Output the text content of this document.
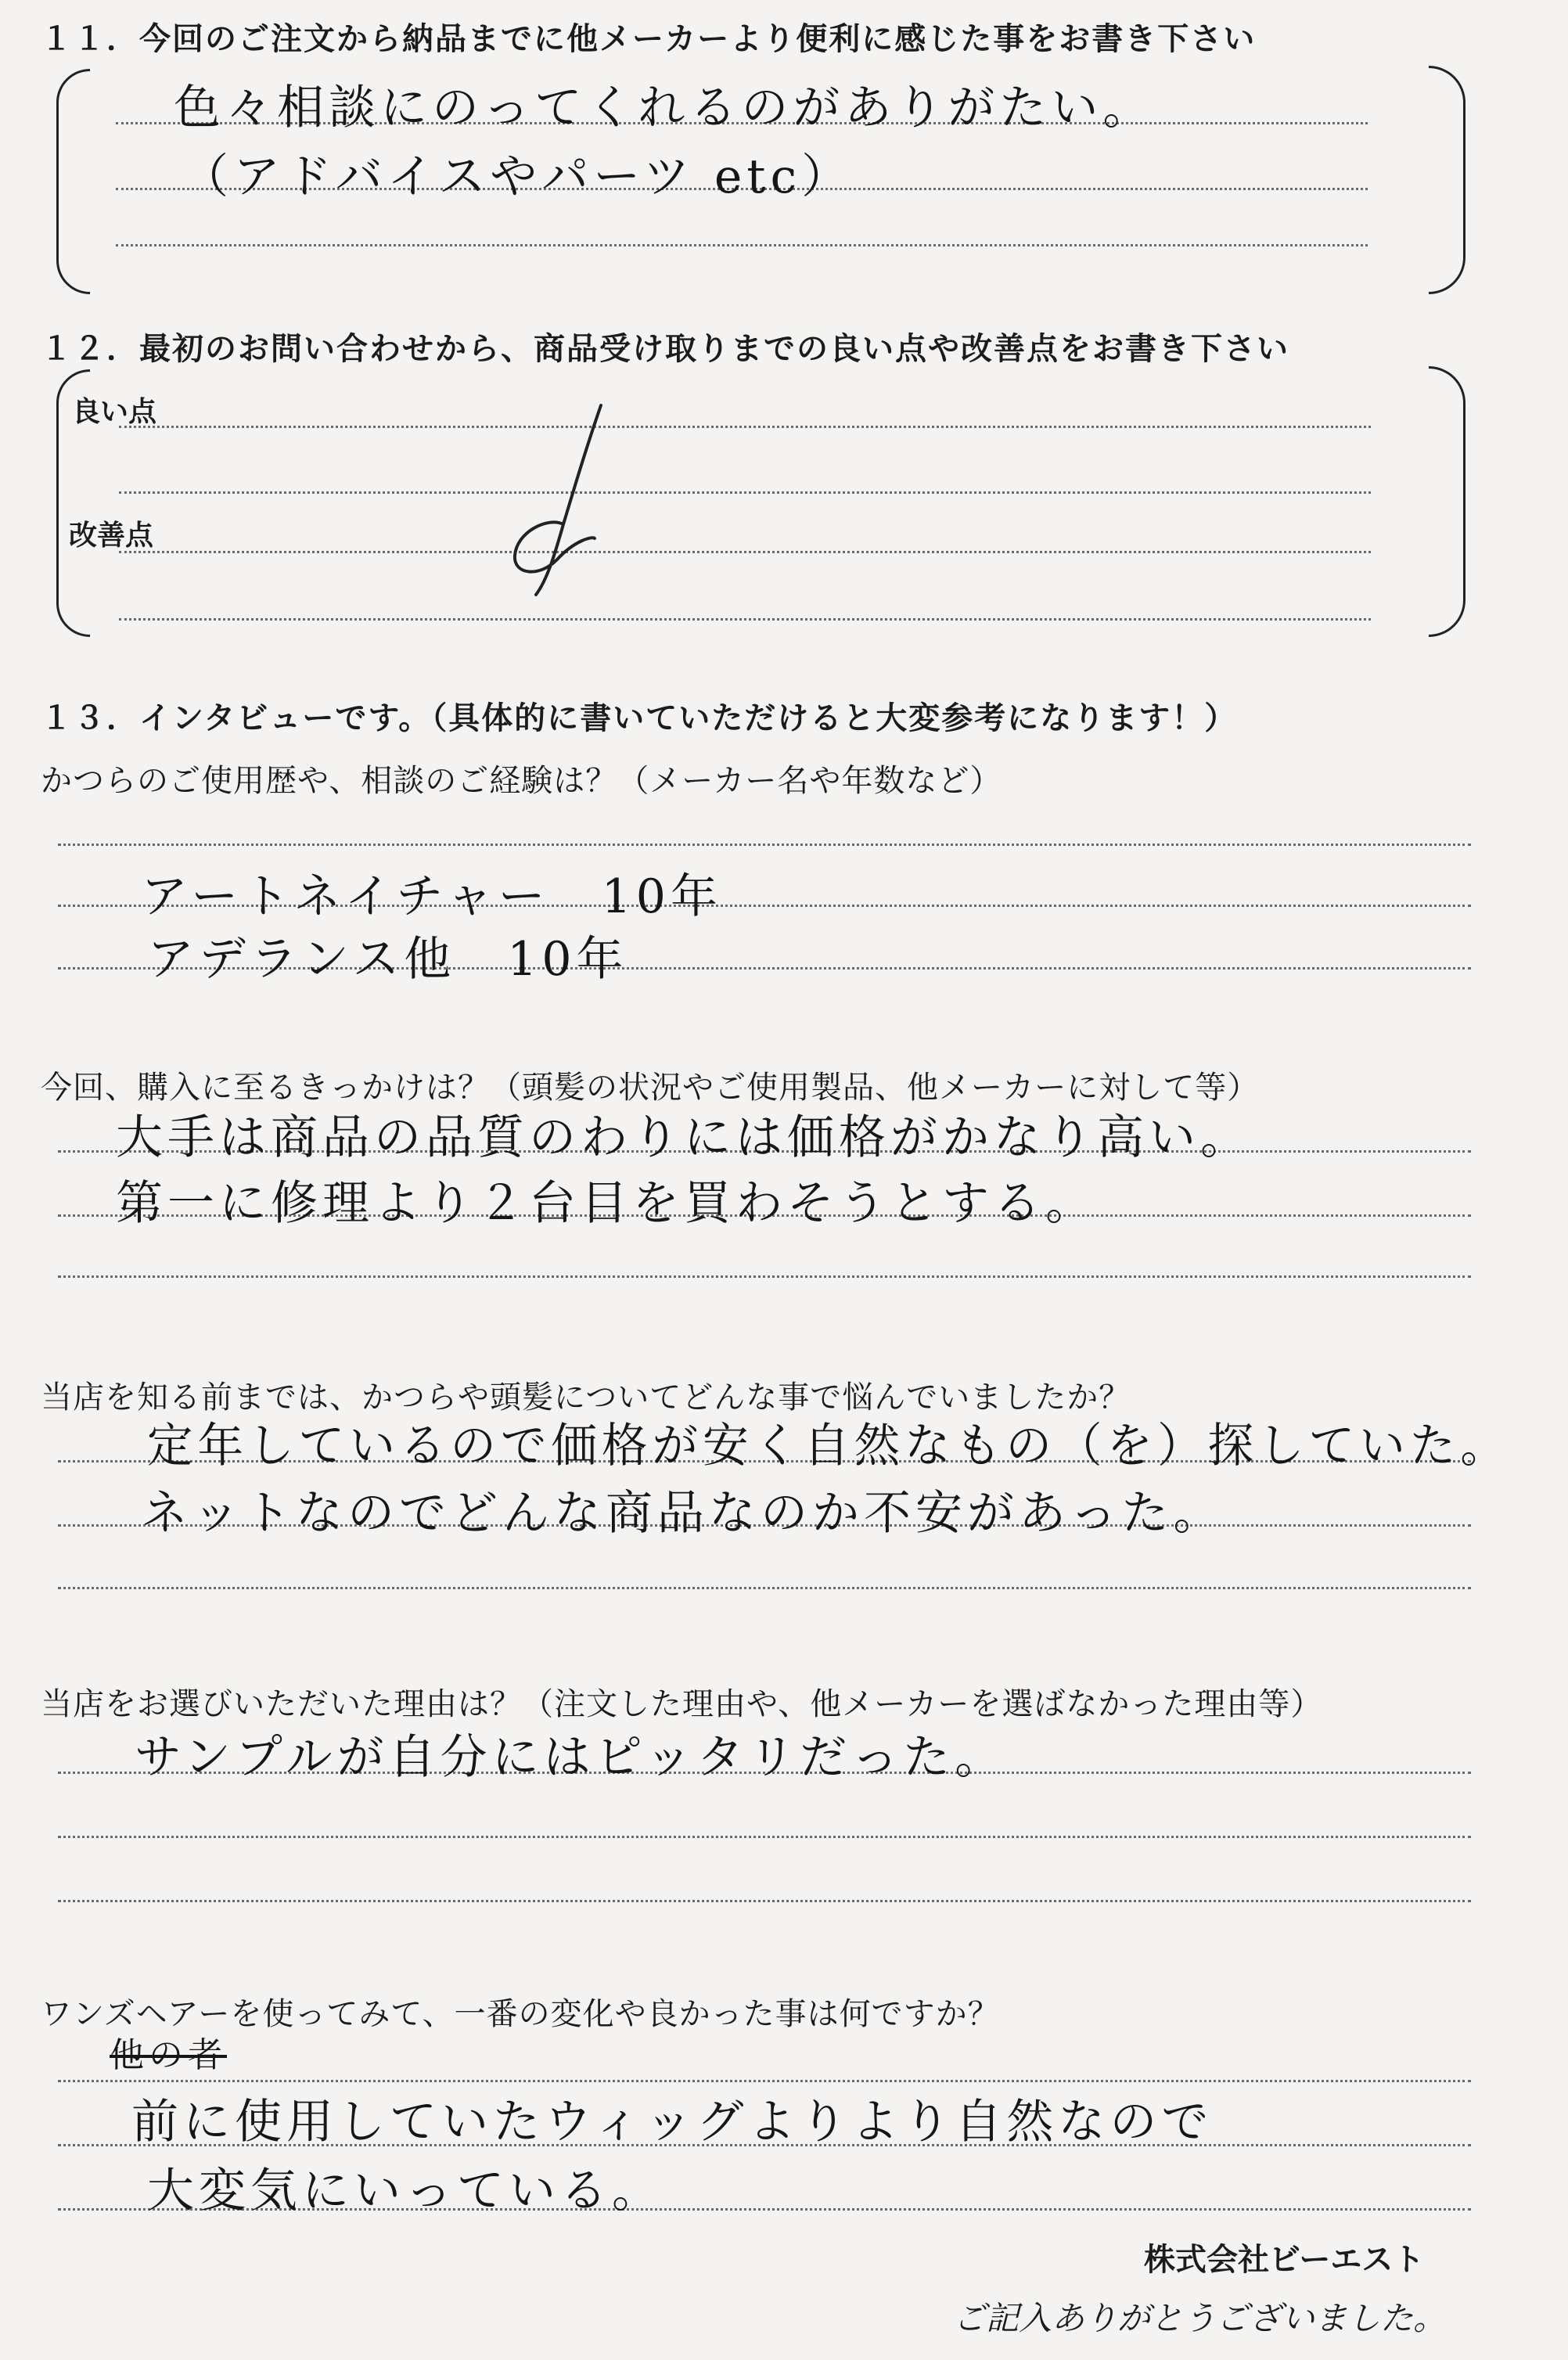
１１．今回のご注文から納品までに他メーカーより便利に感じた事をお書き下さい
色々相談にのってくれるのがありがたい。
（アドバイスやパーツ etc）
１２．最初のお問い合わせから、商品受け取りまでの良い点や改善点をお書き下さい
良い点
改善点
１３．インタビューです。（具体的に書いていただけると大変参考になります！）
かつらのご使用歴や、相談のご経験は？（メーカー名や年数など）
アートネイチャー　10年
アデランス他　10年
今回、購入に至るきっかけは？（頭髪の状況やご使用製品、他メーカーに対して等）
大手は商品の品質のわりには価格がかなり高い。
第一に修理より２台目を買わそうとする。
当店を知る前までは、かつらや頭髪についてどんな事で悩んでいましたか？
定年しているので価格が安く自然なもの（を）探していた。
ネットなのでどんな商品なのか不安があった。
当店をお選びいただいた理由は？（注文した理由や、他メーカーを選ばなかった理由等）
サンプルが自分にはピッタリだった。
ワンズヘアーを使ってみて、一番の変化や良かった事は何ですか？
他の者
前に使用していたウィッグよりより自然なので
大変気にいっている。
株式会社ビーエスト
ご記入ありがとうございました。
